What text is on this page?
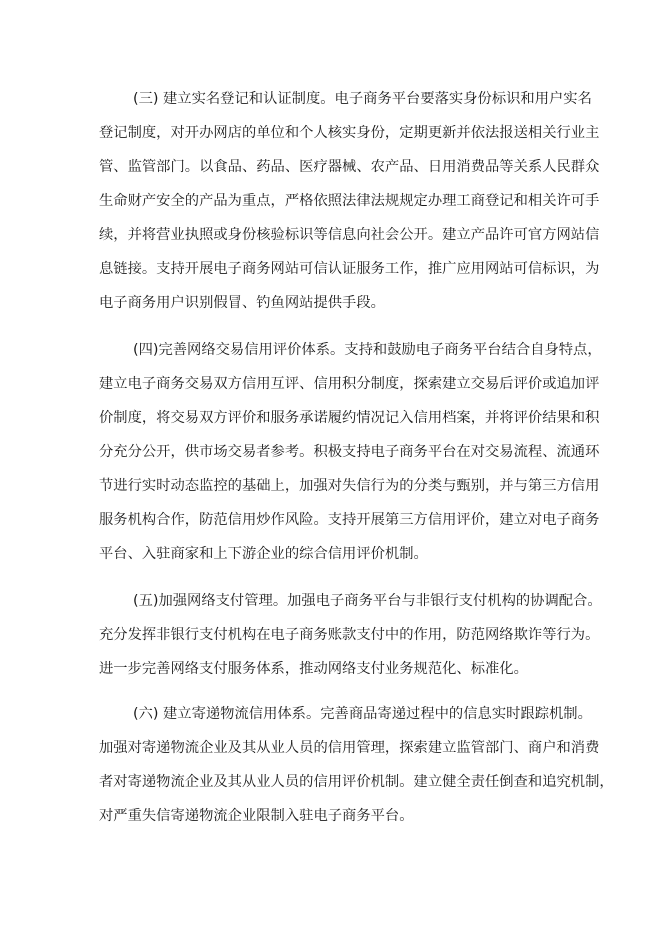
(三) 建立实名登记和认证制度。电子商务平台要落实身份标识和用户实名
登记制度，对开办网店的单位和个人核实身份，定期更新并依法报送相关行业主
管、监管部门。以食品、药品、医疗器械、农产品、日用消费品等关系人民群众
生命财产安全的产品为重点，严格依照法律法规规定办理工商登记和相关许可手
续，并将营业执照或身份核验标识等信息向社会公开。建立产品许可官方网站信
息链接。支持开展电子商务网站可信认证服务工作，推广应用网站可信标识，为
电子商务用户识别假冒、钓鱼网站提供手段。
(四)完善网络交易信用评价体系。支持和鼓励电子商务平台结合自身特点，
建立电子商务交易双方信用互评、信用积分制度，探索建立交易后评价或追加评
价制度，将交易双方评价和服务承诺履约情况记入信用档案，并将评价结果和积
分充分公开，供市场交易者参考。积极支持电子商务平台在对交易流程、流通环
节进行实时动态监控的基础上，加强对失信行为的分类与甄别，并与第三方信用
服务机构合作，防范信用炒作风险。支持开展第三方信用评价，建立对电子商务
平台、入驻商家和上下游企业的综合信用评价机制。
(五)加强网络支付管理。加强电子商务平台与非银行支付机构的协调配合。
充分发挥非银行支付机构在电子商务账款支付中的作用，防范网络欺诈等行为。
进一步完善网络支付服务体系，推动网络支付业务规范化、标准化。
(六) 建立寄递物流信用体系。完善商品寄递过程中的信息实时跟踪机制。
加强对寄递物流企业及其从业人员的信用管理，探索建立监管部门、商户和消费
者对寄递物流企业及其从业人员的信用评价机制。建立健全责任倒查和追究机制，
对严重失信寄递物流企业限制入驻电子商务平台。
